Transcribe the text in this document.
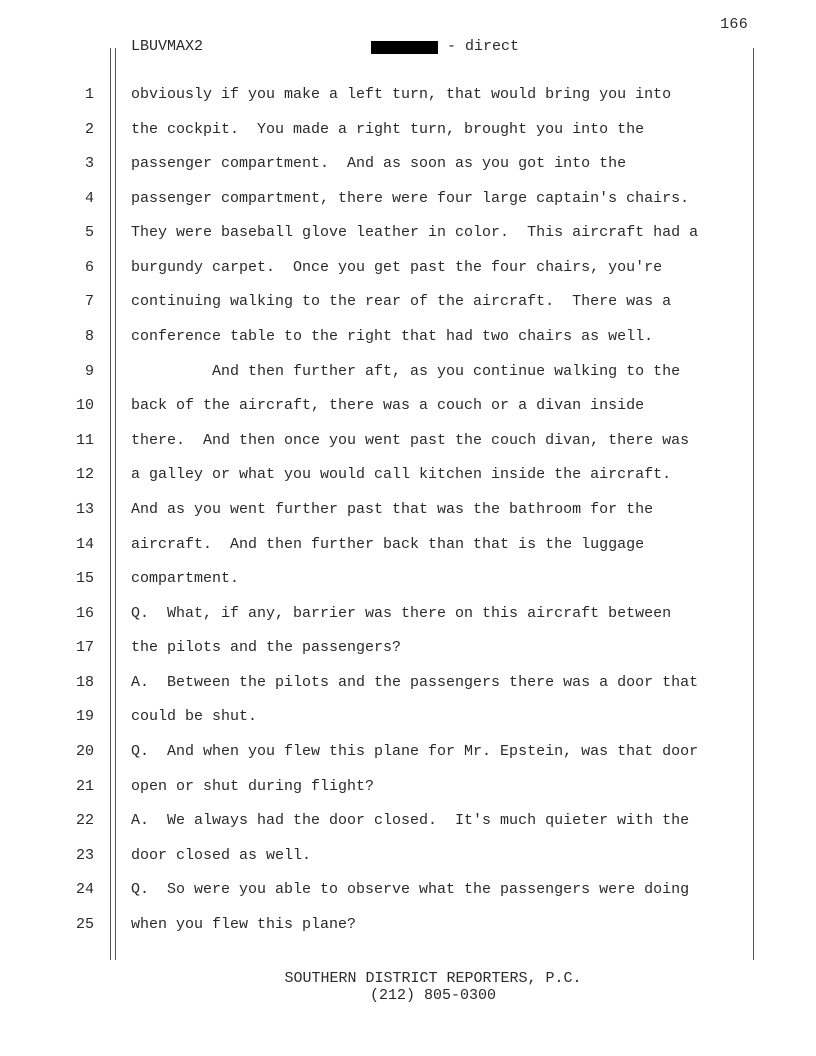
166

LBUVMAX2

	- direct

1
2
3
4
5
6
7
8
9
10
11
12
13
14
15
16
17
18
19
20
21
22
23
24
25
obviously if you make a left turn, that would bring you into
the cockpit.  You made a right turn, brought you into the
passenger compartment.  And as soon as you got into the
passenger compartment, there were four large captain's chairs.
They were baseball glove leather in color.  This aircraft had a
burgundy carpet.  Once you get past the four chairs, you're
continuing walking to the rear of the aircraft.  There was a
conference table to the right that had two chairs as well.
And then further aft, as you continue walking to the
back of the aircraft, there was a couch or a divan inside
there.  And then once you went past the couch divan, there was
a galley or what you would call kitchen inside the aircraft.
And as you went further past that was the bathroom for the
aircraft.  And then further back than that is the luggage
compartment.
Q.  What, if any, barrier was there on this aircraft between
the pilots and the passengers?
A.  Between the pilots and the passengers there was a door that
could be shut.
Q.  And when you flew this plane for Mr. Epstein, was that door
open or shut during flight?
A.  We always had the door closed.  It's much quieter with the
door closed as well.
Q.  So were you able to observe what the passengers were doing
when you flew this plane?
SOUTHERN DISTRICT REPORTERS, P.C.
(212) 805-0300
